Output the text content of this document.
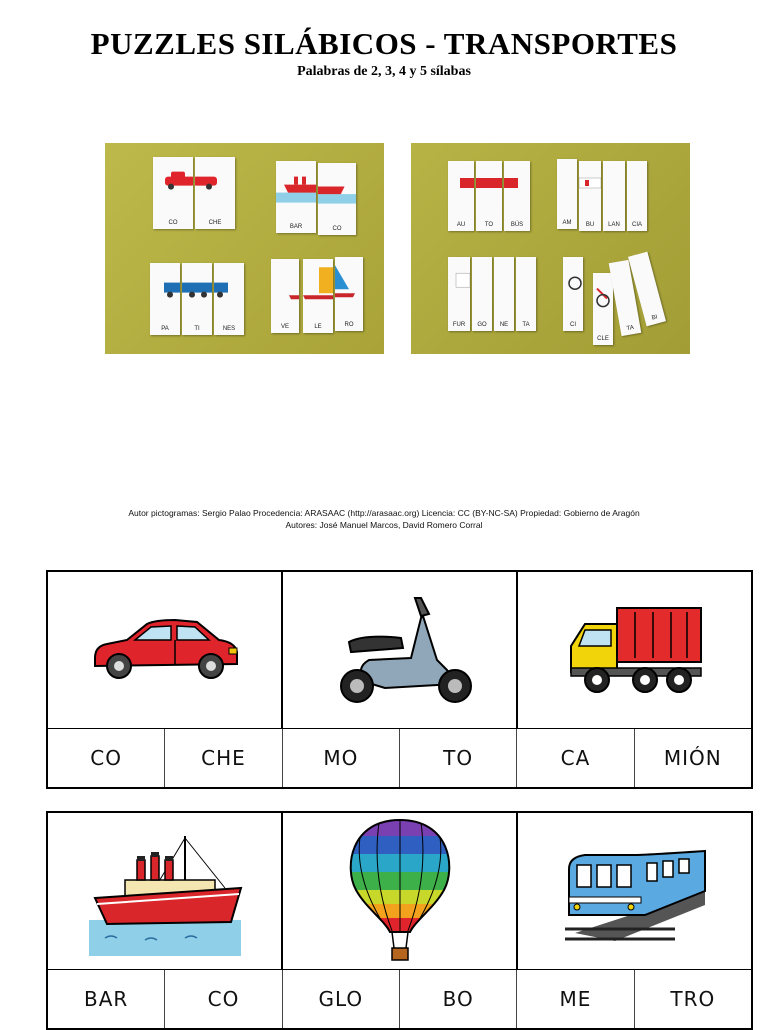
PUZZLES SILÁBICOS - TRANSPORTES
Palabras de 2, 3, 4 y 5 sílabas
CO	CHE
BAR	CO
PA	TI	NES	VE	LE	RO
AU	TO	BÚS	AM	BU	LAN	CIA
FUR	GO	NE	TA	CI
CLE
TA
BI
Autor pictogramas: Sergio Palao Procedencia: ARASAAC (http://arasaac.org) Licencia: CC (BY-NC-SA) Propiedad: Gobierno de Aragón
Autores: José Manuel Marcos, David Romero Corral
CO	CHE	MO	TO	CA	MIÓN
BAR	CO	GLO	BO	ME	TRO
